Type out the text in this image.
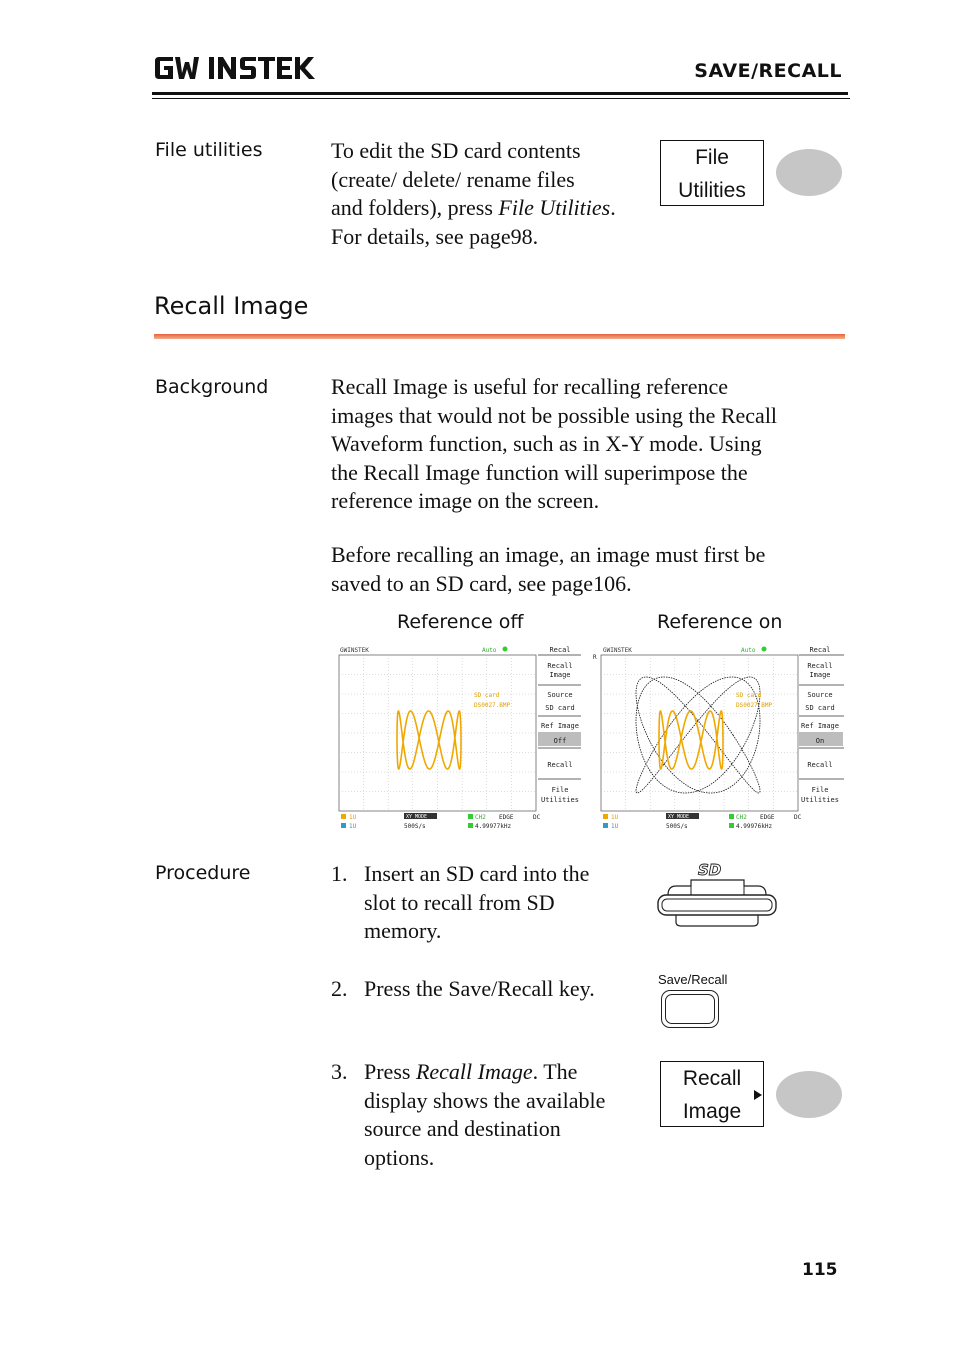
SAVE/RECALL
File utilities	To edit the SD card contents
(create/ delete/ rename files
and folders), press File Utilities.
For details, see page98.
File
Utilities
Recall Image
Background	Recall Image is useful for recalling reference
images that would not be possible using the Recall
Waveform function, such as in X-Y mode. Using
the Recall Image function will superimpose the
reference image on the screen.
Before recalling an image, an image must first be
saved to an SD card, see page106.
Reference off	Reference on
GWINSTEK	Auto
SD card
DS0027.BMP
Recal
Recall
Image
Source
SD card
Ref Image
Off
Recall
File
Utilities
1U
1U
XY MODE
500S/s
CH2 EDGE	DC
4.99977kHz
GWINSTEK	Auto
R
SD card
DS0027.BMP
Recal
Recall
Image
Source
SD card
Ref Image
On
Recall
File
Utilities
1U
1U
XY MODE
500S/s
CH2 EDGE	DC
4.99976kHz
Procedure	1. Insert an SD card into the
slot to recall from SD
memory.
SD
2. Press the Save/Recall key.	Save/Recall
3. Press Recall Image. The
display shows the available
source and destination
options.
Recall
Image
115
